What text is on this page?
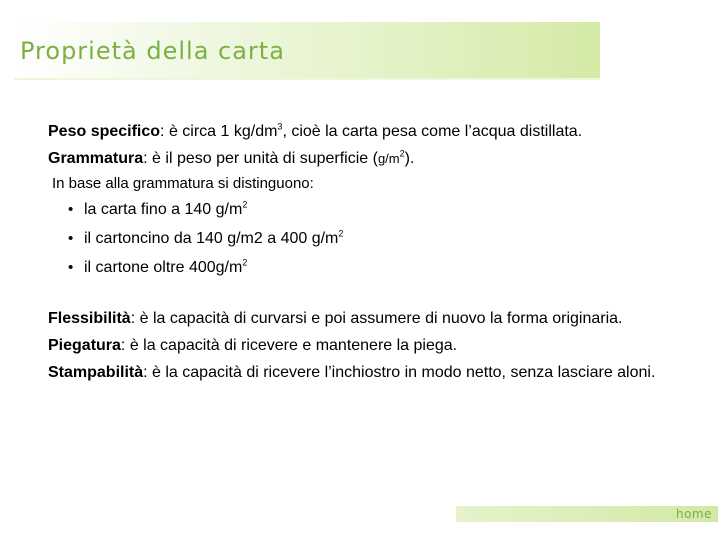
Proprietà della carta

Peso specifico: è circa 1 $kg/dm^3$, cioè la carta pesa come l’acqua distillata.

Grammatura: è il peso per unità di superficie $(g/m^2)$.

In base alla grammatura si distinguono:

• la carta fino a 140 $g/m^2$
• il cartoncino da 140 g/m2 a 400 $g/m^2$
• il cartone oltre $400g/m^2$

Flessibilità: è la capacità di curvarsi e poi assumere di nuovo la forma originaria.

Piegatura: è la capacità di ricevere e mantenere la piega.

Stampabilità: è la capacità di ricevere l’inchiostro in modo netto, senza lasciare aloni.

home
